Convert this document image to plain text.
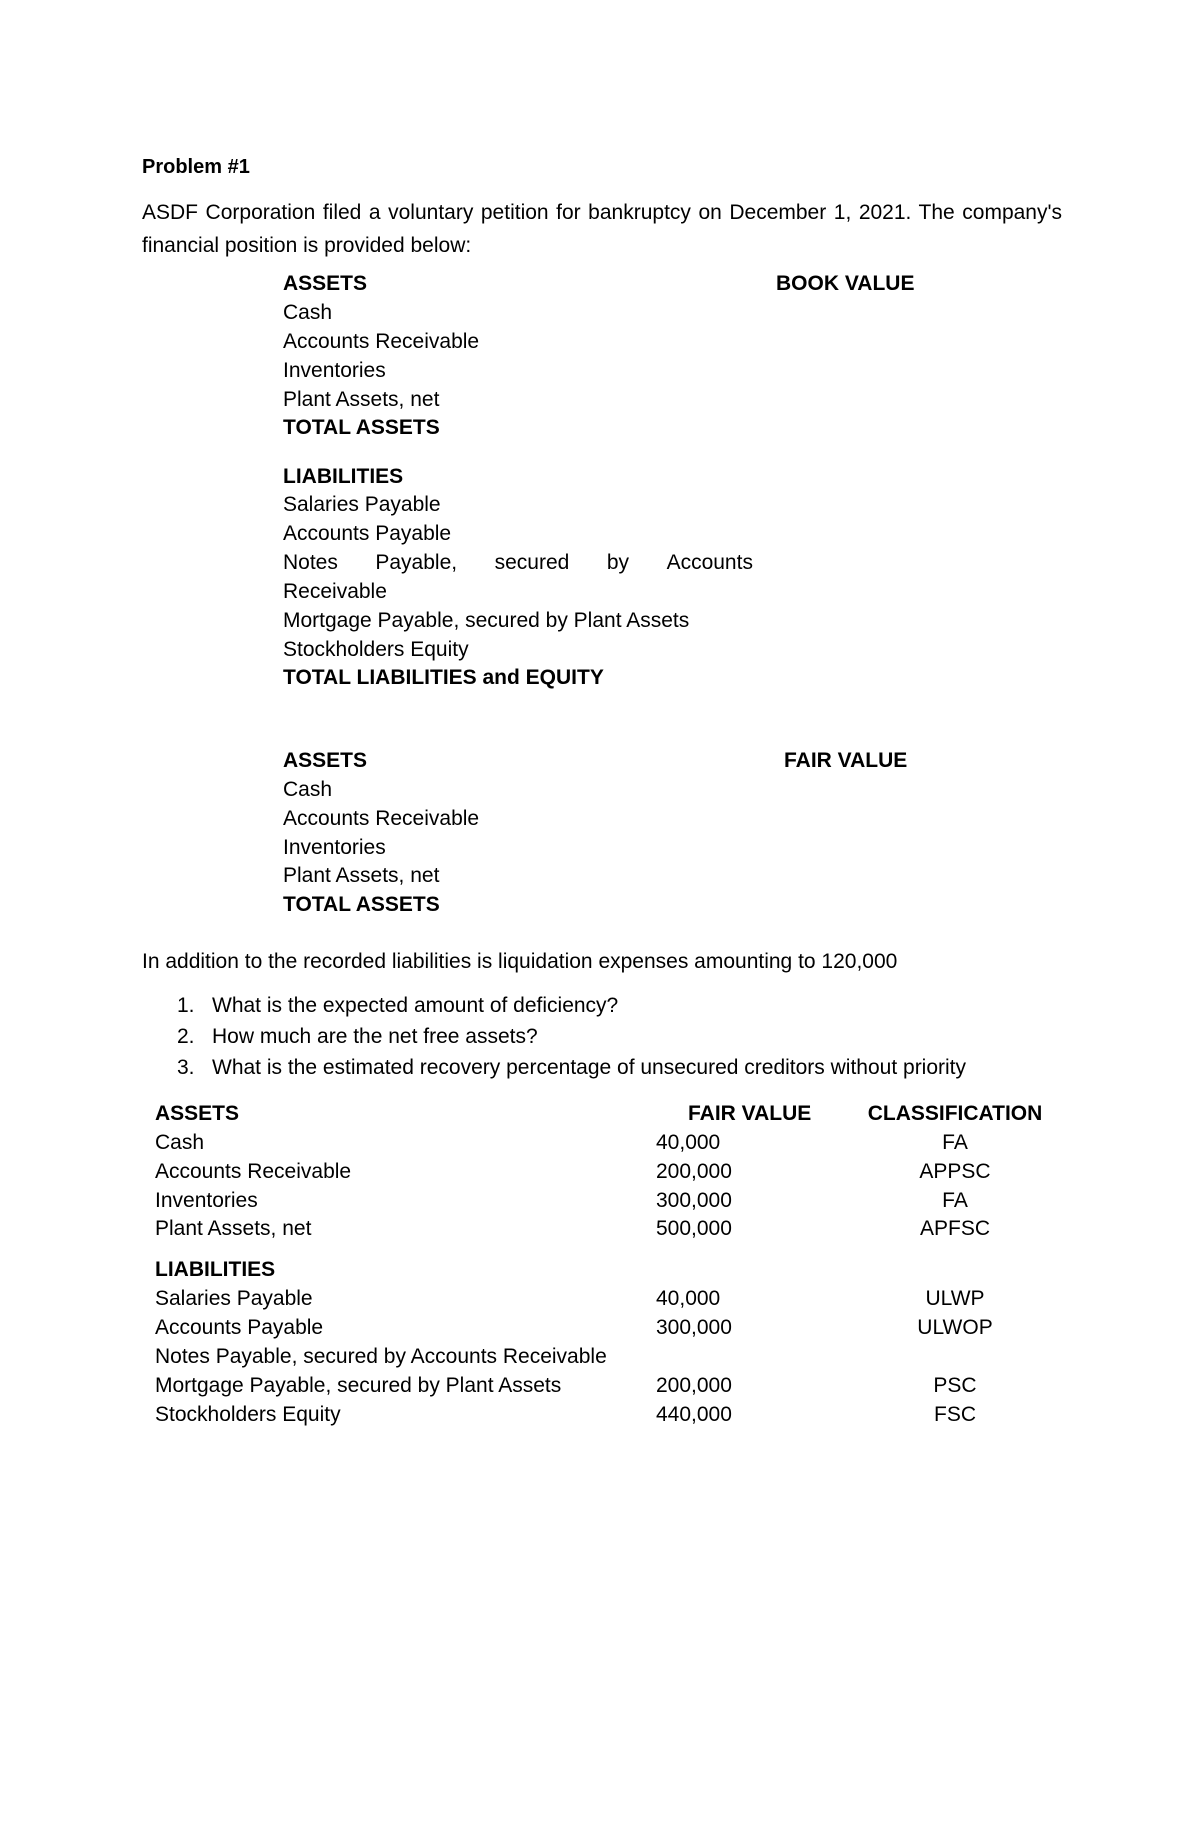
Problem #1
ASDF Corporation filed a voluntary petition for bankruptcy on December 1, 2021. The company's financial position is provided below:
ASSETS	BOOK VALUE
Cash
Accounts Receivable
Inventories
Plant Assets, net
TOTAL ASSETS
LIABILITIES
Salaries Payable
Accounts Payable
Notes Payable, secured by Accounts
Receivable
Mortgage Payable, secured by Plant Assets
Stockholders Equity
TOTAL LIABILITIES and EQUITY
ASSETS	FAIR VALUE
Cash
Accounts Receivable
Inventories
Plant Assets, net
TOTAL ASSETS
In addition to the recorded liabilities is liquidation expenses amounting to 120,000
1. What is the expected amount of deficiency?
2. How much are the net free assets?
3. What is the estimated recovery percentage of unsecured creditors without priority
ASSETS	FAIR VALUE	CLASSIFICATION
Cash	40,000	FA
Accounts Receivable	200,000	APPSC
Inventories	300,000	FA
Plant Assets, net	500,000	APFSC
LIABILITIES
Salaries Payable	40,000	ULWP
Accounts Payable	300,000	ULWOP
Notes Payable, secured by Accounts Receivable
Mortgage Payable, secured by Plant Assets	200,000	PSC
Stockholders Equity	440,000	FSC
